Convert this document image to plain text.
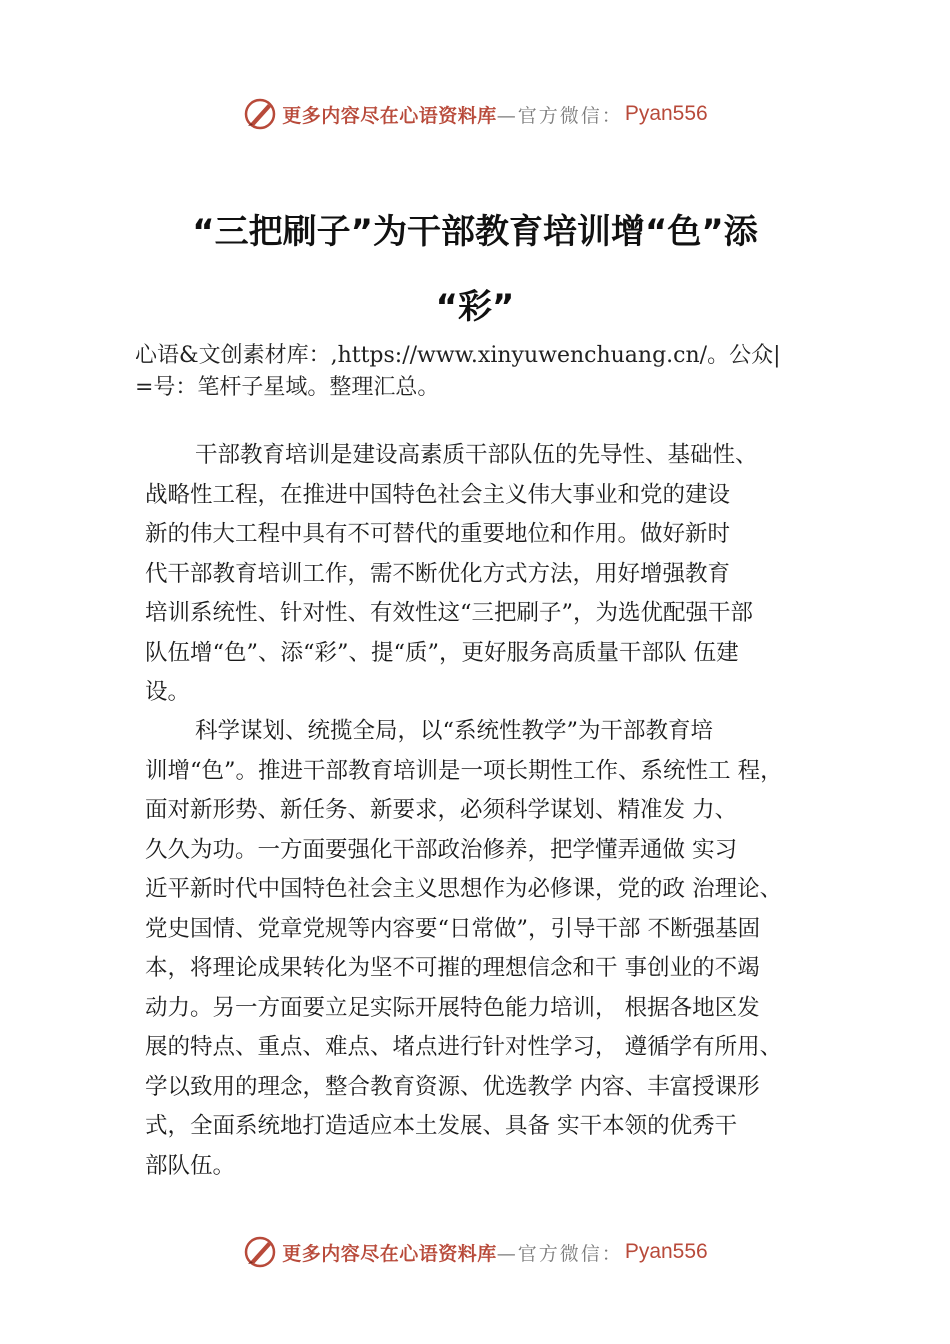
更多内容尽在心语资料库 —官方微信： Pyan556
“三把刷子”为干部教育培训增“色”添
“彩”

心语&文创素材库：,https://www.xinyuwenchuang.cn/。公众|
=号：笔杆子星域。整理汇总。

干部教育培训是建设高素质干部队伍的先导性、基础性、
战略性工程，在推进中国特色社会主义伟大事业和党的建设
新的伟大工程中具有不可替代的重要地位和作用。做好新时
代干部教育培训工作，需不断优化方式方法，用好增强教育
培训系统性、针对性、有效性这“三把刷子”，为选优配强干部
队伍增“色”、添“彩”、提“质”，更好服务高质量干部队 伍建
设。

科学谋划、统揽全局，以“系统性教学”为干部教育培
训增“色”。推进干部教育培训是一项长期性工作、系统性工 程，
面对新形势、新任务、新要求，必须科学谋划、精准发 力、
久久为功。一方面要强化干部政治修养，把学懂弄通做 实习
近平新时代中国特色社会主义思想作为必修课，党的政 治理论、
党史国情、党章党规等内容要“日常做”，引导干部 不断强基固
本，将理论成果转化为坚不可摧的理想信念和干 事创业的不竭
动力。另一方面要立足实际开展特色能力培训， 根据各地区发
展的特点、重点、难点、堵点进行针对性学习， 遵循学有所用、
学以致用的理念，整合教育资源、优选教学 内容、丰富授课形
式，全面系统地打造适应本土发展、具备 实干本领的优秀干
部队伍。

更多内容尽在心语资料库 —官方微信： Pyan556
